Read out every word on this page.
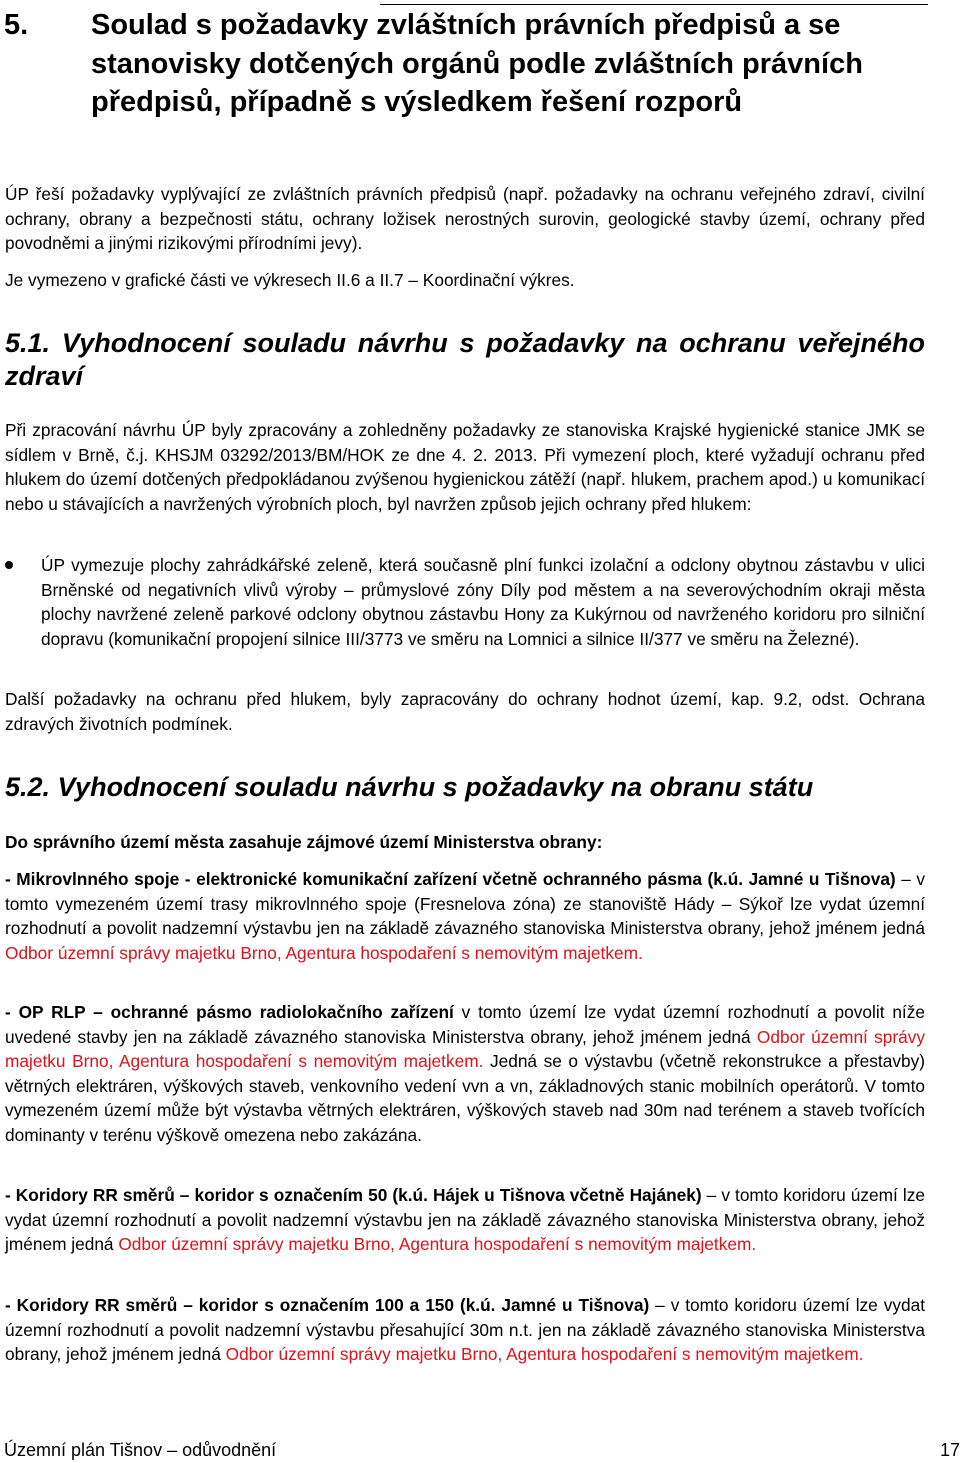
5. Soulad s požadavky zvláštních právních předpisů a se stanovisky dotčených orgánů podle zvláštních právních předpisů, případně s výsledkem řešení rozporů

ÚP řeší požadavky vyplývající ze zvláštních právních předpisů (např. požadavky na ochranu veřejného zdraví, civilní ochrany, obrany a bezpečnosti státu, ochrany ložisek nerostných surovin, geologické stavby území, ochrany před povodněmi a jinými rizikovými přírodními jevy).

Je vymezeno v grafické části ve výkresech II.6 a II.7 – Koordinační výkres.

5.1. Vyhodnocení souladu návrhu s požadavky na ochranu veřejného zdraví

Při zpracování návrhu ÚP byly zpracovány a zohledněny požadavky ze stanoviska Krajské hygienické stanice JMK se sídlem v Brně, č.j. KHSJM 03292/2013/BM/HOK ze dne 4. 2. 2013. Při vymezení ploch, které vyžadují ochranu před hlukem do území dotčených předpokládanou zvýšenou hygienickou zátěží (např. hlukem, prachem apod.) u komunikací nebo u stávajících a navržených výrobních ploch, byl navržen způsob jejich ochrany před hlukem:

ÚP vymezuje plochy zahrádkářské zeleně, která současně plní funkci izolační a odclony obytnou zástavbu v ulici Brněnské od negativních vlivů výroby – průmyslové zóny Díly pod městem a na severovýchodním okraji města plochy navržené zeleně parkové odclony obytnou zástavbu Hony za Kukýrnou od navrženého koridoru pro silniční dopravu (komunikační propojení silnice III/3773 ve směru na Lomnici a silnice II/377 ve směru na Železné).

Další požadavky na ochranu před hlukem, byly zapracovány do ochrany hodnot území, kap. 9.2, odst. Ochrana zdravých životních podmínek.

5.2. Vyhodnocení souladu návrhu s požadavky na obranu státu

Do správního území města zasahuje zájmové území Ministerstva obrany:

- Mikrovlnného spoje - elektronické komunikační zařízení včetně ochranného pásma (k.ú. Jamné u Tišnova) – v tomto vymezeném území trasy mikrovlnného spoje (Fresnelova zóna) ze stanoviště Hády – Sýkoř lze vydat územní rozhodnutí a povolit nadzemní výstavbu jen na základě závazného stanoviska Ministerstva obrany, jehož jménem jedná Odbor územní správy majetku Brno, Agentura hospodaření s nemovitým majetkem.

- OP RLP – ochranné pásmo radiolokačního zařízení v tomto území lze vydat územní rozhodnutí a povolit níže uvedené stavby jen na základě závazného stanoviska Ministerstva obrany, jehož jménem jedná Odbor územní správy majetku Brno, Agentura hospodaření s nemovitým majetkem. Jedná se o výstavbu (včetně rekonstrukce a přestavby) větrných elektráren, výškových staveb, venkovního vedení vvn a vn, základnových stanic mobilních operátorů. V tomto vymezeném území může být výstavba větrných elektráren, výškových staveb nad 30m nad terénem a staveb tvořících dominanty v terénu výškově omezena nebo zakázána.

- Koridory RR směrů – koridor s označením 50 (k.ú. Hájek u Tišnova včetně Hajánek) – v tomto koridoru území lze vydat územní rozhodnutí a povolit nadzemní výstavbu jen na základě závazného stanoviska Ministerstva obrany, jehož jménem jedná Odbor územní správy majetku Brno, Agentura hospodaření s nemovitým majetkem.

- Koridory RR směrů – koridor s označením 100 a 150 (k.ú. Jamné u Tišnova) – v tomto koridoru území lze vydat územní rozhodnutí a povolit nadzemní výstavbu přesahující 30m n.t. jen na základě závazného stanoviska Ministerstva obrany, jehož jménem jedná Odbor územní správy majetku Brno, Agentura hospodaření s nemovitým majetkem.

Územní plán Tišnov – odůvodnění	17
